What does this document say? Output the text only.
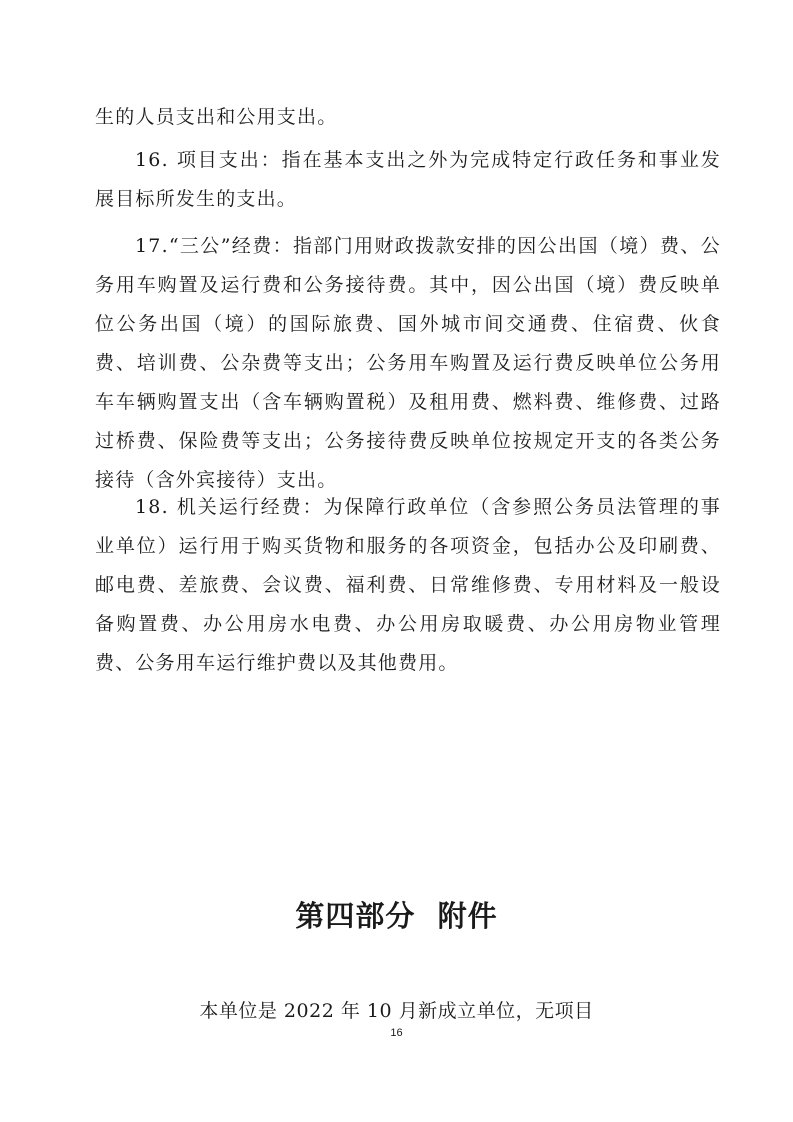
生的人员支出和公用支出。

16. 项目支出：指在基本支出之外为完成特定行政任务和事业发展目标所发生的支出。

17.“三公”经费：指部门用财政拨款安排的因公出国（境）费、公务用车购置及运行费和公务接待费。其中，因公出国（境）费反映单位公务出国（境）的国际旅费、国外城市间交通费、住宿费、伙食费、培训费、公杂费等支出；公务用车购置及运行费反映单位公务用车车辆购置支出（含车辆购置税）及租用费、燃料费、维修费、过路过桥费、保险费等支出；公务接待费反映单位按规定开支的各类公务接待（含外宾接待）支出。

18. 机关运行经费：为保障行政单位（含参照公务员法管理的事业单位）运行用于购买货物和服务的各项资金，包括办公及印刷费、邮电费、差旅费、会议费、福利费、日常维修费、专用材料及一般设备购置费、办公用房水电费、办公用房取暖费、办公用房物业管理费、公务用车运行维护费以及其他费用。

第四部分  附件

本单位是 2022 年 10 月新成立单位，无项目

16
